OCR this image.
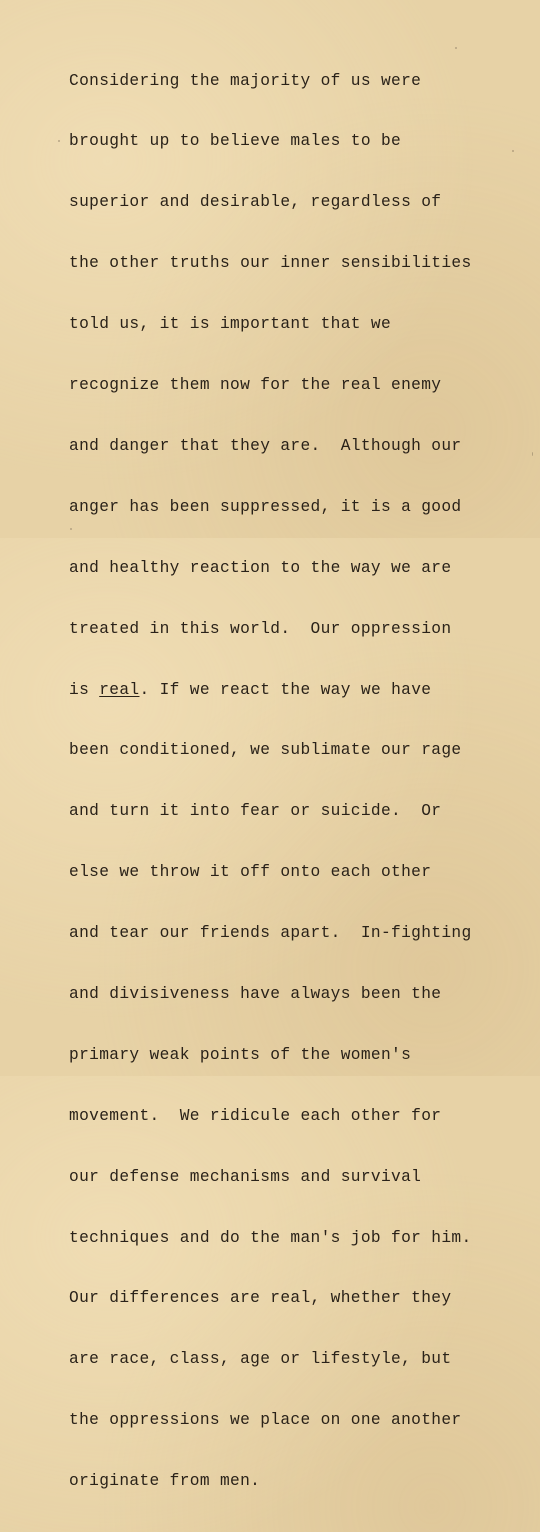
Considering the majority of us were

brought up to believe males to be

superior and desirable, regardless of

the other truths our inner sensibilities

told us, it is important that we

recognize them now for the real enemy

and danger that they are.  Although our

anger has been suppressed, it is a good

and healthy reaction to the way we are

treated in this world.  Our oppression

is real. If we react the way we have

been conditioned, we sublimate our rage

and turn it into fear or suicide.  Or

else we throw it off onto each other

and tear our friends apart.  In-fighting

and divisiveness have always been the

primary weak points of the women's

movement.  We ridicule each other for

our defense mechanisms and survival

techniques and do the man's job for him.

Our differences are real, whether they

are race, class, age or lifestyle, but

the oppressions we place on one another

originate from men.
